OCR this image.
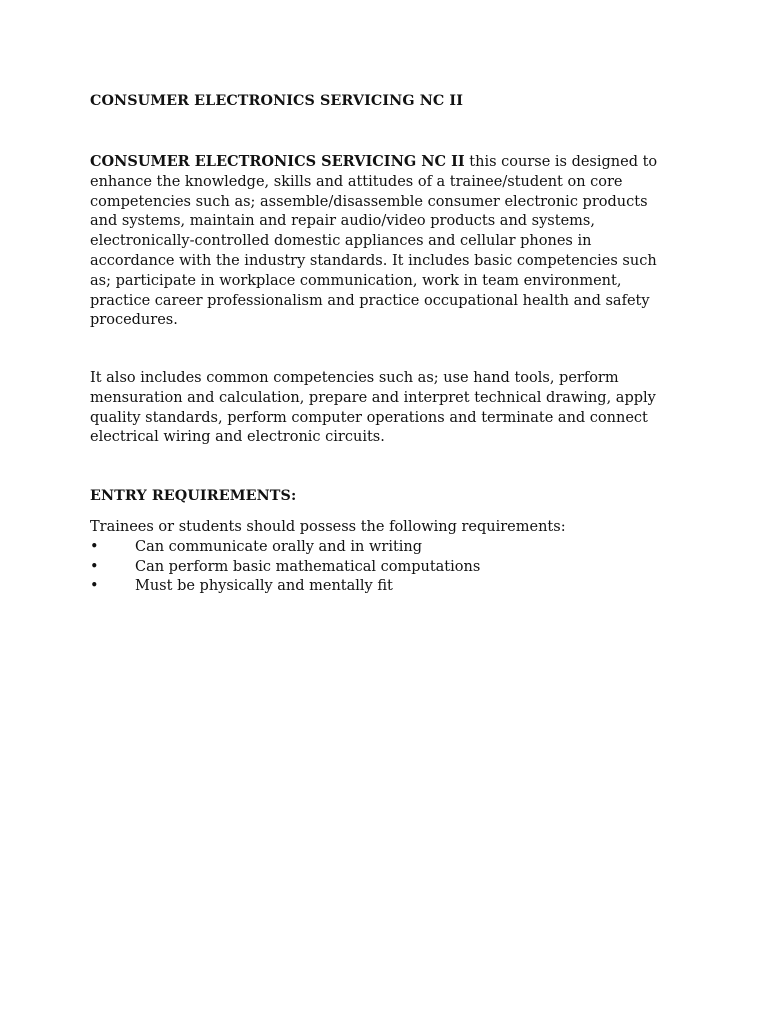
CONSUMER ELECTRONICS SERVICING NC II

CONSUMER ELECTRONICS SERVICING NC II this course is designed to enhance the knowledge, skills and attitudes of a trainee/student on core competencies such as; assemble/disassemble consumer electronic products and systems, maintain and repair audio/video products and systems, electronically-controlled domestic appliances and cellular phones in accordance with the industry standards. It includes basic competencies such as; participate in workplace communication, work in team environment, practice career professionalism and practice occupational health and safety procedures.

It also includes common competencies such as; use hand tools, perform mensuration and calculation, prepare and interpret technical drawing, apply quality standards, perform computer operations and terminate and connect electrical wiring and electronic circuits.

ENTRY REQUIREMENTS:
Trainees or students should possess the following requirements:
•	Can communicate orally and in writing
•	Can perform basic mathematical computations
•	Must be physically and mentally fit
